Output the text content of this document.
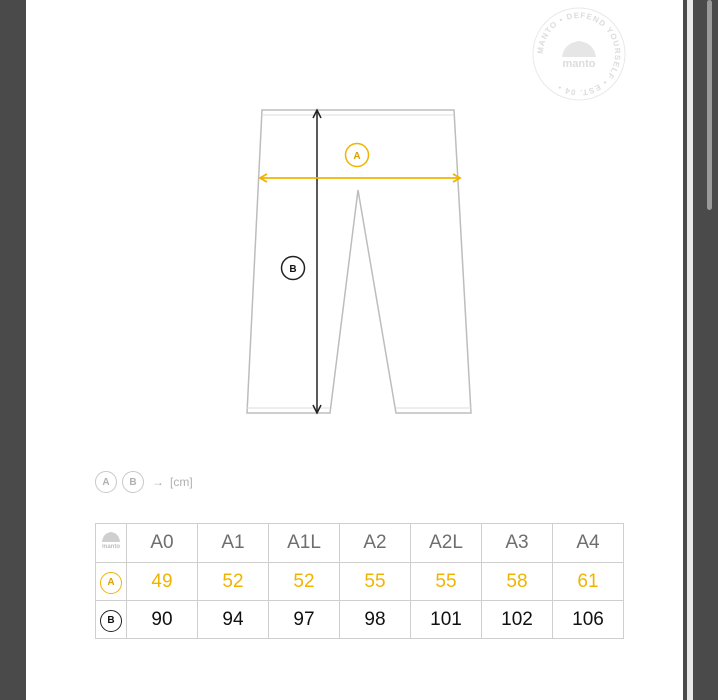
MANTO • DEFEND YOURSELF • EST. 04 •
manto
A
B
A	B	→ [cm]
manto	A0	A1	A1L	A2	A2L	A3	A4
A	49	52	52	55	55	58	61
B	90	94	97	98	101	102	106
